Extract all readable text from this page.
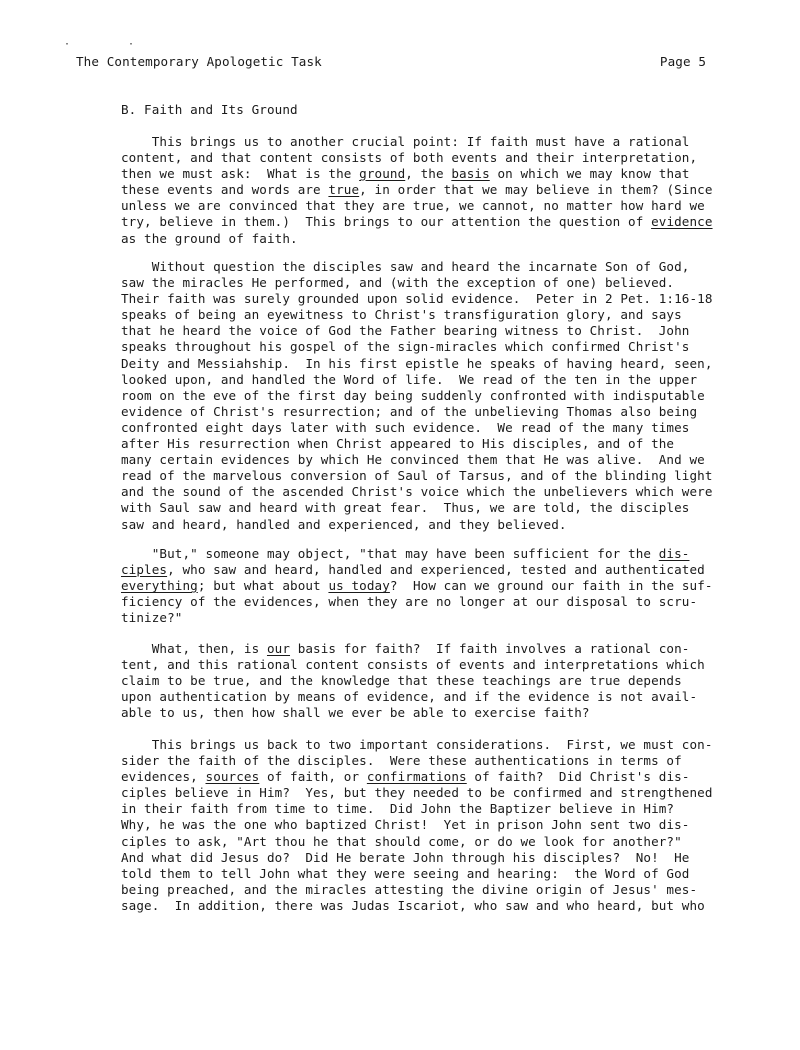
·	·
The Contemporary Apologetic Task	Page 5
B. Faith and Its Ground
This brings us to another crucial point: If faith must have a rational
content, and that content consists of both events and their interpretation,
then we must ask:  What is the ground, the basis on which we may know that
these events and words are true, in order that we may believe in them? (Since
unless we are convinced that they are true, we cannot, no matter how hard we
try, believe in them.)  This brings to our attention the question of evidence
as the ground of faith.
Without question the disciples saw and heard the incarnate Son of God,
saw the miracles He performed, and (with the exception of one) believed.
Their faith was surely grounded upon solid evidence.  Peter in 2 Pet. 1:16-18
speaks of being an eyewitness to Christ's transfiguration glory, and says
that he heard the voice of God the Father bearing witness to Christ.  John
speaks throughout his gospel of the sign-miracles which confirmed Christ's
Deity and Messiahship.  In his first epistle he speaks of having heard, seen,
looked upon, and handled the Word of life.  We read of the ten in the upper
room on the eve of the first day being suddenly confronted with indisputable
evidence of Christ's resurrection; and of the unbelieving Thomas also being
confronted eight days later with such evidence.  We read of the many times
after His resurrection when Christ appeared to His disciples, and of the
many certain evidences by which He convinced them that He was alive.  And we
read of the marvelous conversion of Saul of Tarsus, and of the blinding light
and the sound of the ascended Christ's voice which the unbelievers which were
with Saul saw and heard with great fear.  Thus, we are told, the disciples
saw and heard, handled and experienced, and they believed.
"But," someone may object, "that may have been sufficient for the dis-
ciples, who saw and heard, handled and experienced, tested and authenticated
everything; but what about us today?  How can we ground our faith in the suf-
ficiency of the evidences, when they are no longer at our disposal to scru-
tinize?"
What, then, is our basis for faith?  If faith involves a rational con-
tent, and this rational content consists of events and interpretations which
claim to be true, and the knowledge that these teachings are true depends
upon authentication by means of evidence, and if the evidence is not avail-
able to us, then how shall we ever be able to exercise faith?
This brings us back to two important considerations.  First, we must con-
sider the faith of the disciples.  Were these authentications in terms of
evidences, sources of faith, or confirmations of faith?  Did Christ's dis-
ciples believe in Him?  Yes, but they needed to be confirmed and strengthened
in their faith from time to time.  Did John the Baptizer believe in Him?
Why, he was the one who baptized Christ!  Yet in prison John sent two dis-
ciples to ask, "Art thou he that should come, or do we look for another?"
And what did Jesus do?  Did He berate John through his disciples?  No!  He
told them to tell John what they were seeing and hearing:  the Word of God
being preached, and the miracles attesting the divine origin of Jesus' mes-
sage.  In addition, there was Judas Iscariot, who saw and who heard, but who
